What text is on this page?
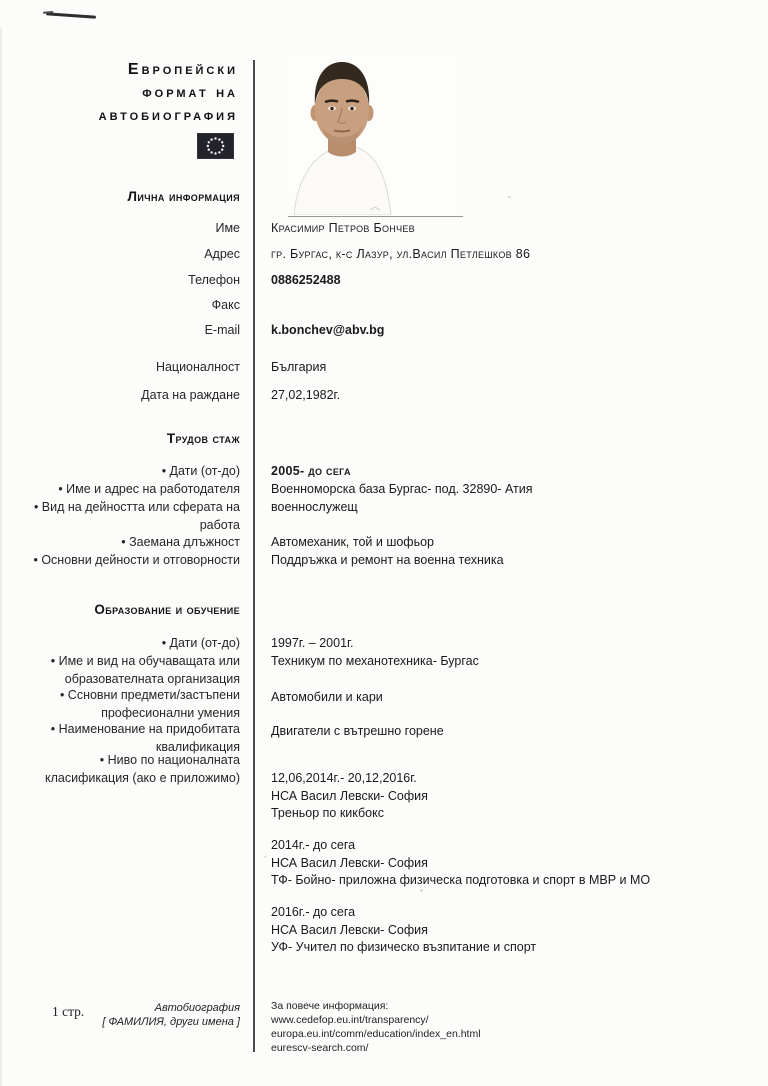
Европейски
формат на
автобиография
Лична информация
Име Красимир Петров Бончев
Адрес гр. Бургас, к-с Лазур, ул.Васил Петлешков 86
Телефон 0886252488
Факс
E-mail k.bonchev@abv.bg
Националност България
Дата на раждане 27,02,1982г.
Трудов стаж
• Дати (от-до) 2005- до сега
• Име и адрес на работодателя Военноморска база Бургас- под. 32890- Атия
• Вид на дейността или сферата на работа
военнослужещ
• Заемана длъжност Автомеханик, той и шофьор
• Основни дейности и отговорности Поддръжка и ремонт на военна техника
Образование и обучение
• Дати (от-до) 1997г. – 2001г.
• Име и вид на обучаващата или образователната организация
Техникум по механотехника- Бургас
• Ссновни предмети/застъпени професионални умения
Автомобили и кари
• Наименование на придобитата квалификация
Двигатели с вътрешно горене
• Ниво по националната класификация (ако е приложимо) 12,06,2014г.- 20,12,2016г.
НСА Васил Левски- София
Треньор по кикбокс
2014г.- до сега
НСА Васил Левски- София
ТФ- Бойно- приложна физическа подготовка и спорт в МВР и МО
2016г.- до сега
НСА Васил Левски- София
УФ- Учител по физическо възпитание и спорт
1 стр.	Автобиография
[ ФАМИЛИЯ, други имена ]
За повече информация:
www.cedefop.eu.int/transparency/
europa.eu.int/comm/education/index_en.html
eurescv-search.com/
